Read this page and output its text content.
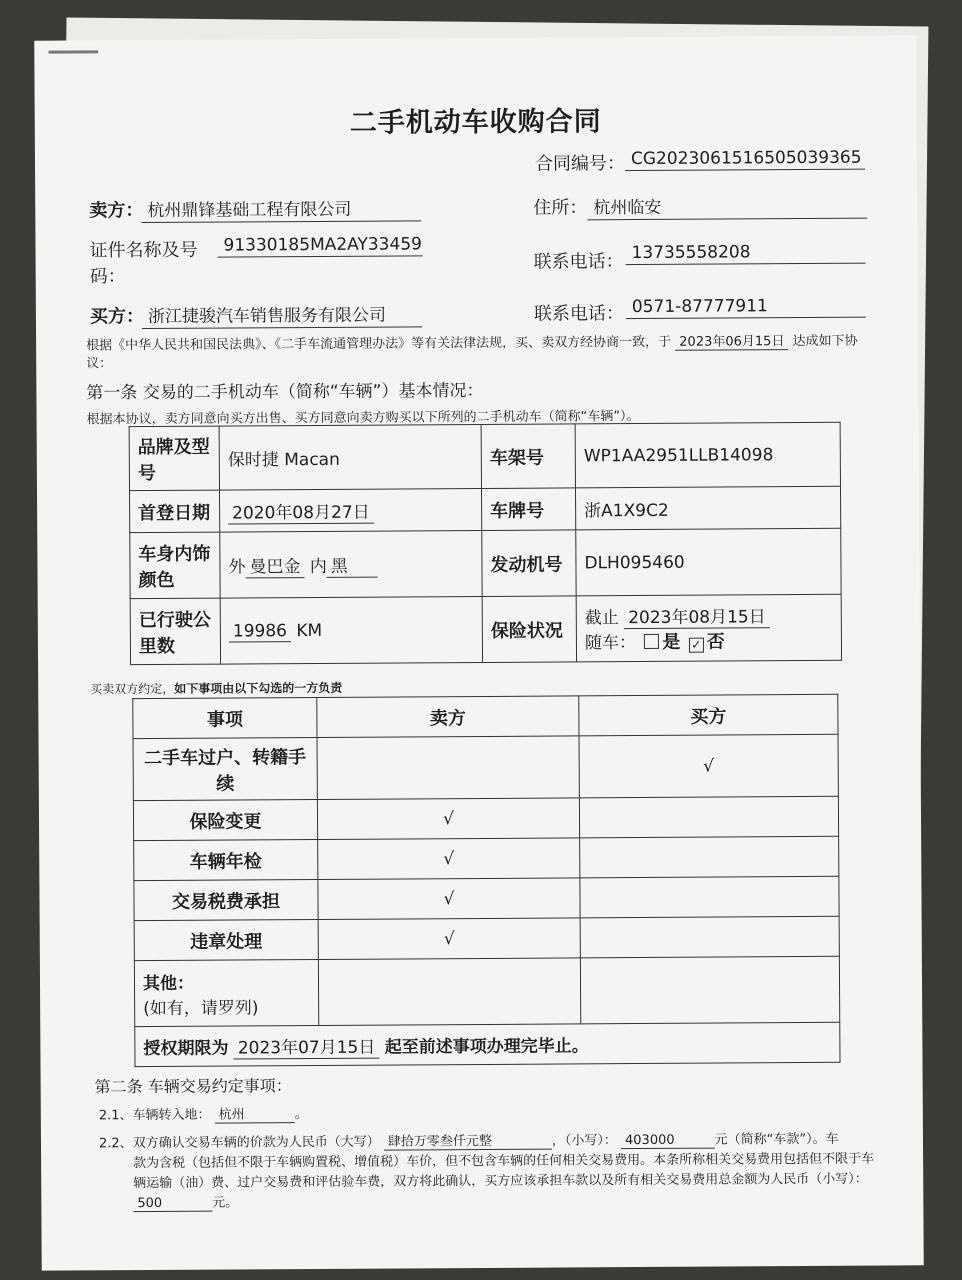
二手机动车收购合同
合同编号： CG2023061516505039365
卖方： 杭州鼎锋基础工程有限公司	住所： 杭州临安
证件名称及号
码：
91330185MA2AY33459
联系电话： 13735558208
买方： 浙江捷骏汽车销售服务有限公司	联系电话： 0571-87777911
根据《中华人民共和国民法典》、《二手车流通管理办法》等有关法律法规，买、卖双方经协商一致，于 2023年06月15日 达成如下协
议：
第一条 交易的二手机动车（简称“车辆”）基本情况：
根据本协议，卖方同意向买方出售、买方同意向卖方购买以下所列的二手机动车（简称“车辆”）。
品牌及型
号	保时捷 Macan	车架号	WP1AA2951LLB14098
首登日期	2020年08月27日	车牌号	浙A1X9C2
车身内饰
颜色	外 曼巴金 内 黑	发动机号	DLH095460
已行驶公
里数	19986 KM	保险状况	截止 2023年08月15日
随车： 是 ✓ 否
买卖双方约定，如下事项由以下勾选的一方负责
事项	卖方	买方
二手车过户、转籍手
续		√
保险变更	√	
车辆年检	√	
交易税费承担	√	
违章处理	√	
其他：
(如有，请罗列)		
授权期限为 2023年07月15日 起至前述事项办理完毕止。		
第二条 车辆交易约定事项：
2.1、车辆转入地： 杭州	。
2.2、双方确认交易车辆的价款为人民币（大写） 肆拾万零叁仟元整	，（小写）： 403000	元（简称“车款”）。车
款为含税（包括但不限于车辆购置税、增值税）车价，但不包含车辆的任何相关交易费用。本条所称相关交易费用包括但不限于车
辆运输（油）费、过户交易费和评估验车费，双方将此确认，买方应该承担车款以及所有相关交易费用总金额为人民币（小写）：
500	元。
